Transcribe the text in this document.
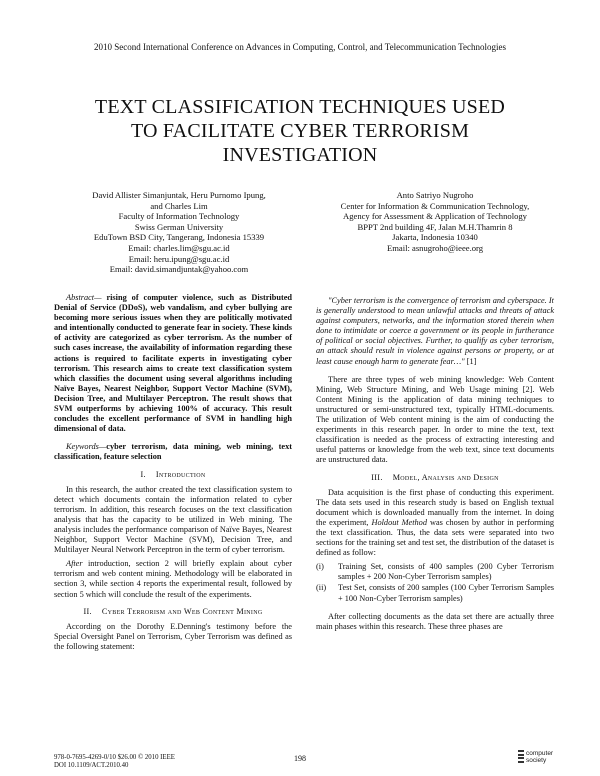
2010 Second International Conference on Advances in Computing, Control, and Telecommunication Technologies
TEXT CLASSIFICATION TECHNIQUES USED
TO FACILITATE CYBER TERRORISM
INVESTIGATION
David Allister Simanjuntak, Heru Purnomo Ipung,
and Charles Lim
Faculty of Information Technology
Swiss German University
EduTown BSD City, Tangerang, Indonesia 15339
Email: charles.lim@sgu.ac.id
Email: heru.ipung@sgu.ac.id
Email: david.simandjuntak@yahoo.com
Anto Satriyo Nugroho
Center for Information & Communication Technology,
Agency for Assessment & Application of Technology
BPPT 2nd building 4F, Jalan M.H.Thamrin 8
Jakarta, Indonesia 10340
Email: asnugroho@ieee.org

Abstract— rising of computer violence, such as Distributed Denial of Service (DDoS), web vandalism, and cyber bullying are becoming more serious issues when they are politically motivated and intentionally conducted to generate fear in society. These kinds of activity are categorized as cyber terrorism. As the number of such cases increase, the availability of information regarding these actions is required to facilitate experts in investigating cyber terrorism. This research aims to create text classification system which classifies the document using several algorithms including Naïve Bayes, Nearest Neighbor, Support Vector Machine (SVM), Decision Tree, and Multilayer Perceptron. The result shows that SVM outperforms by achieving 100% of accuracy. This result concludes the excellent performance of SVM in handling high dimensional of data.

Keywords—cyber terrorism, data mining, web mining, text classification, feature selection

I. Introduction

In this research, the author created the text classification system to detect which documents contain the information related to cyber terrorism. In addition, this research focuses on the text classification analysis that has the capacity to be utilized in Web mining. The analysis includes the performance comparison of Naïve Bayes, Nearest Neighbor, Support Vector Machine (SVM), Decision Tree, and Multilayer Neural Network Perceptron in the term of cyber terrorism.

After introduction, section 2 will briefly explain about cyber terrorism and web content mining. Methodology will be elaborated in section 3, while section 4 reports the experimental result, followed by section 5 which will conclude the result of the experiments.

II. Cyber Terrorism and Web Content Mining

According on the Dorothy E.Denning's testimony before the Special Oversight Panel on Terrorism, Cyber Terrorism was defined as the following statement:

"Cyber terrorism is the convergence of terrorism and cyberspace. It is generally understood to mean unlawful attacks and threats of attack against computers, networks, and the information stored therein when done to intimidate or coerce a government or its people in furtherance of political or social objectives. Further, to qualify as cyber terrorism, an attack should result in violence against persons or property, or at least cause enough harm to generate fear…" [1]

There are three types of web mining knowledge: Web Content Mining, Web Structure Mining, and Web Usage mining [2]. Web Content Mining is the application of data mining techniques to unstructured or semi-unstructured text, typically HTML-documents. The utilization of Web content mining is the aim of conducting the experiments in this research paper. In order to mine the text, text classification is needed as the process of extracting interesting and useful patterns or knowledge from the web text, since text documents are unstructured data.

III. Model, Analysis and Design

Data acquisition is the first phase of conducting this experiment. The data sets used in this research study is based on English textual document which is downloaded manually from the internet. In doing the experiment, Holdout Method was chosen by author in performing the text classification. Thus, the data sets were separated into two sections for the training set and test set, the distribution of the dataset is defined as follow:

(i)	Training Set, consists of 400 samples (200 Cyber Terrorism samples + 200 Non-Cyber Terrorism samples)
(ii)	Test Set, consists of 200 samples (100 Cyber Terrorism Samples + 100 Non-Cyber Terrorism samples)

After collecting documents as the data set there are actually three main phases within this research. These three phases are

978-0-7695-4269-0/10 $26.00 © 2010 IEEE
DOI 10.1109/ACT.2010.40
198
computer
society
